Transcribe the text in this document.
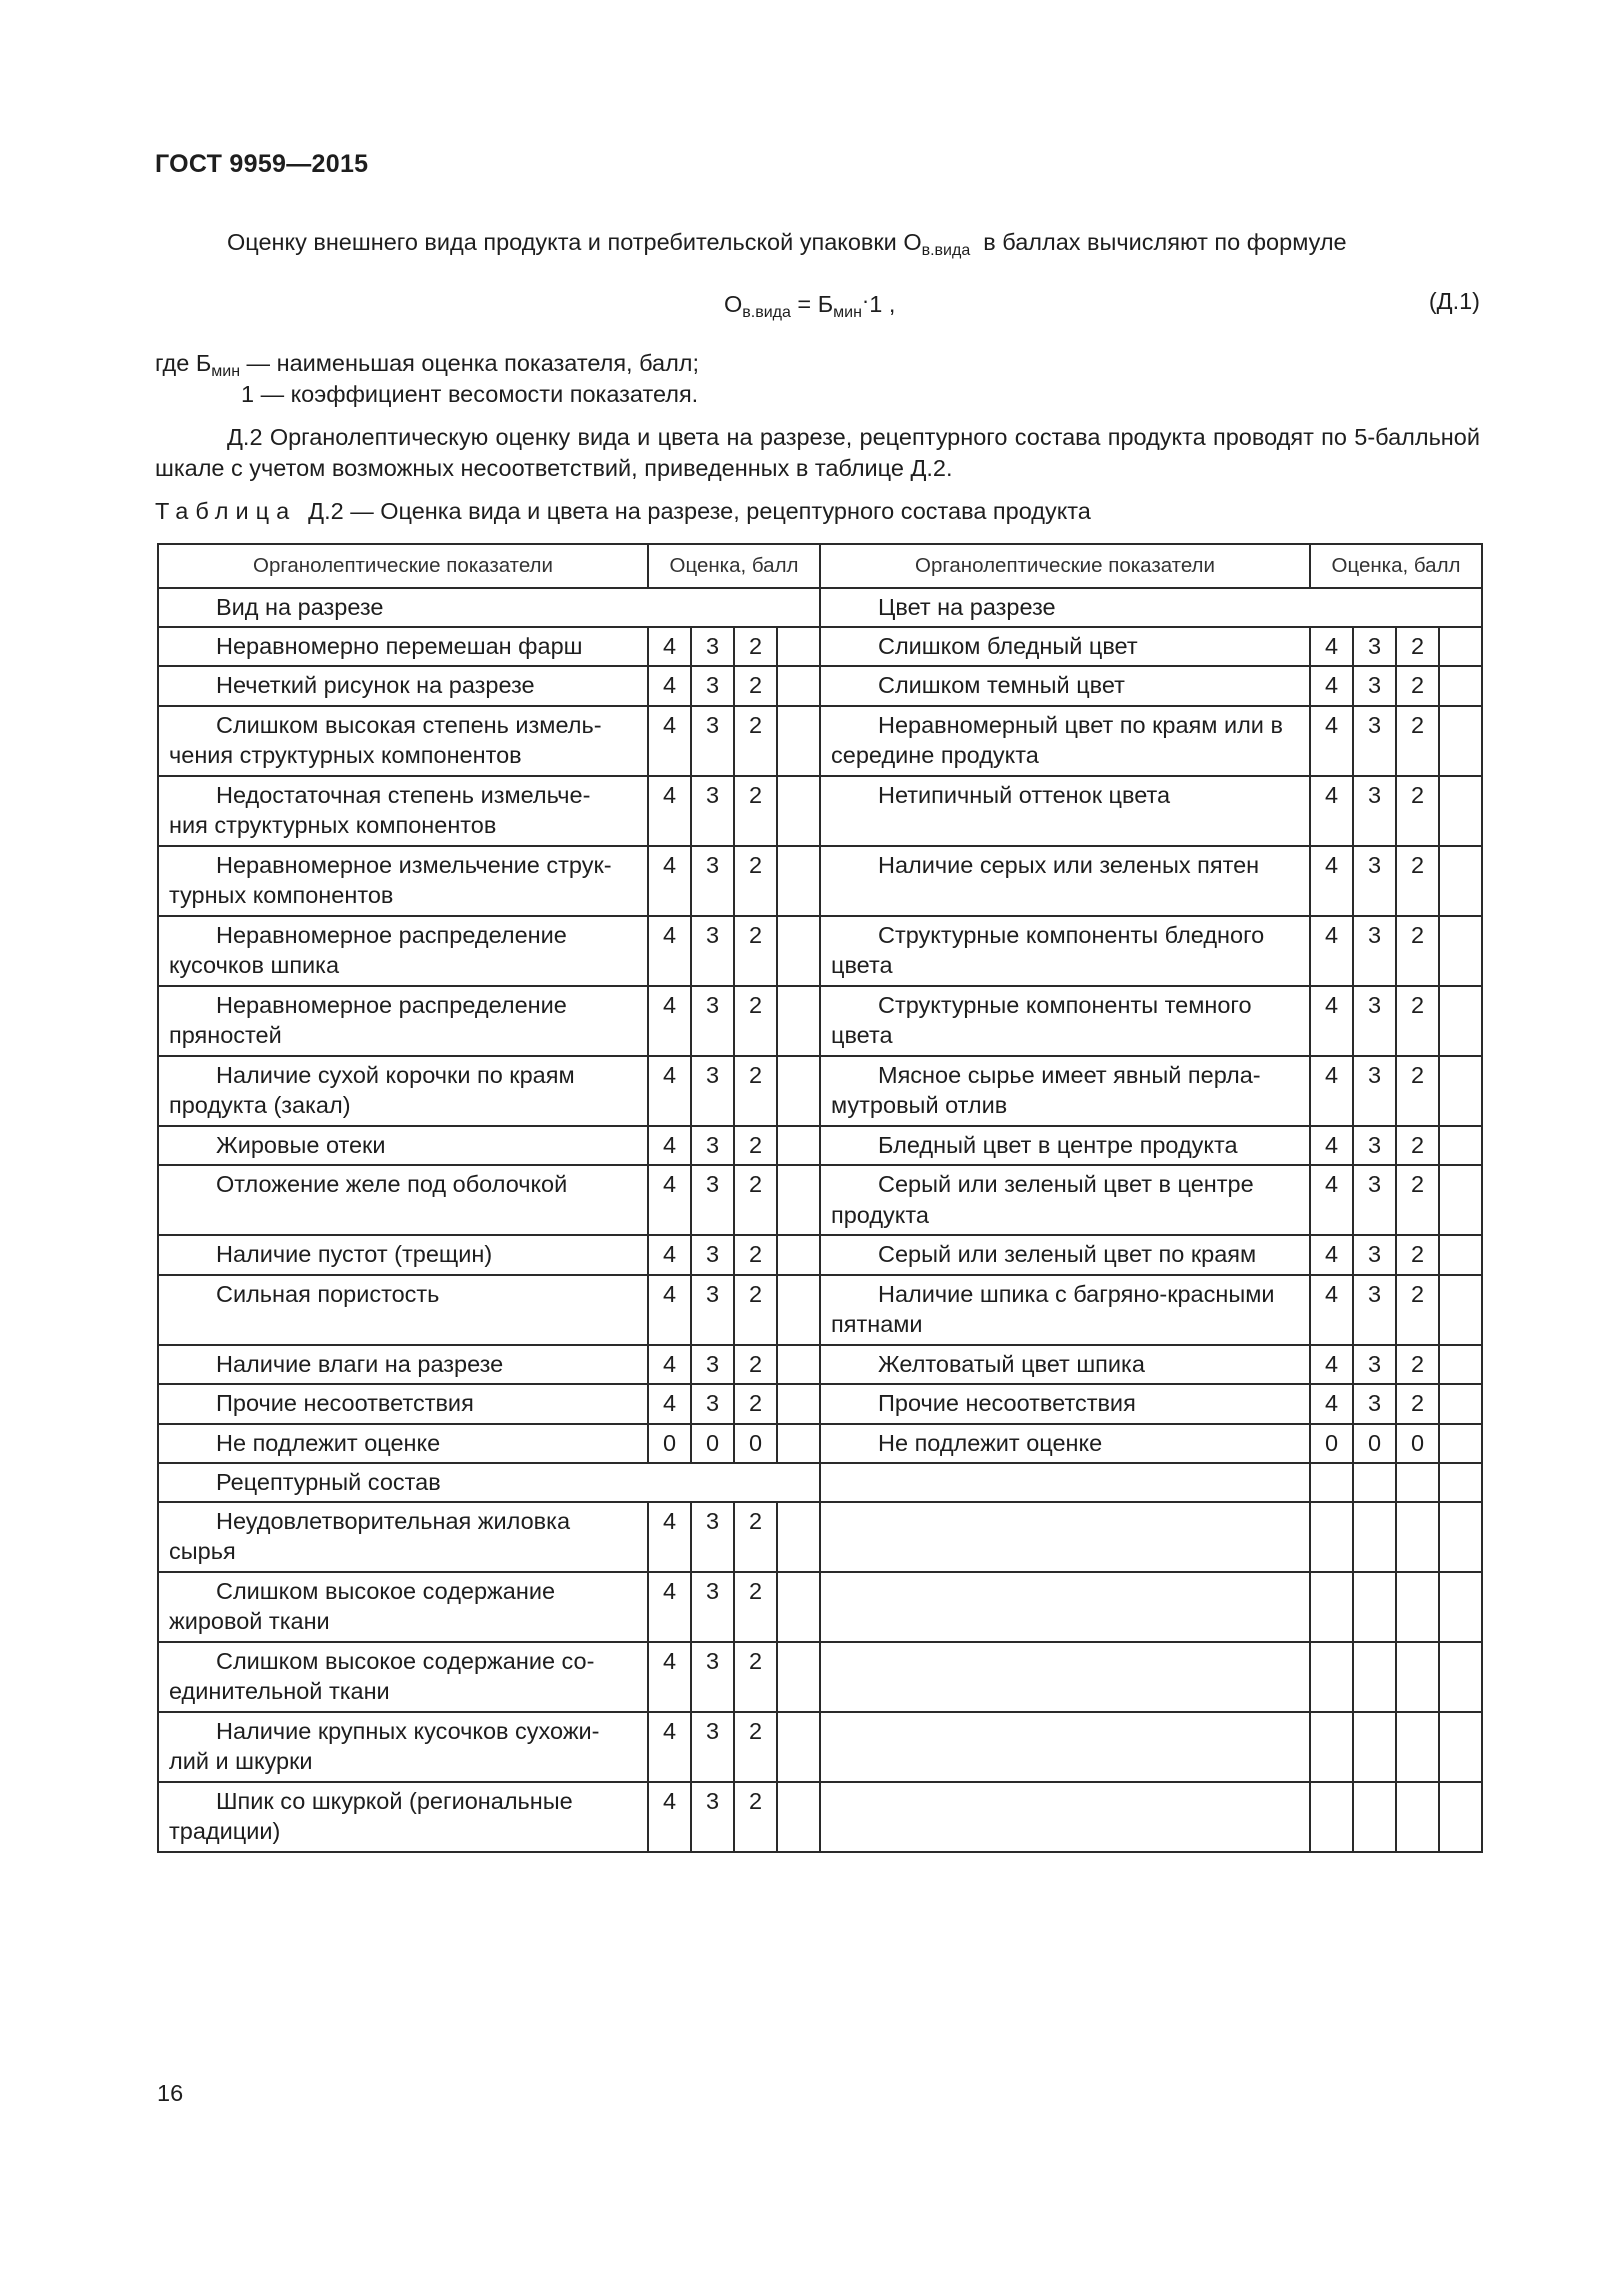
ГОСТ 9959—2015
Оценку внешнего вида продукта и потребительской упаковки $О_{в.вида}$ в баллах вычисляют по формуле
$О_{в.вида} = Б_{мин}\cdot 1$ ,	(Д.1)
где $Б_{мин}$ — наименьшая оценка показателя, балл;
1 — коэффициент весомости показателя.
Д.2 Органолептическую оценку вида и цвета на разрезе, рецептурного состава продукта проводят по 5-балльной шкале с учетом возможных несоответствий, приведенных в таблице Д.2.
Таблица Д.2 — Оценка вида и цвета на разрезе, рецептурного состава продукта
Органолептические показатели	Оценка, балл				Органолептические показатели	Оценка, балл			
Вид на разрезе					Цвет на разрезе				

Неравномерно перемешан фарш	4	3	2		Слишком бледный цвет	4	3	2	

Нечеткий рисунок на разрезе	4	3	2		Слишком темный цвет	4	3	2	

Слишком высокая степень измель-
чения структурных компонентов	4	3	2		Неравномерный цвет по краям или в
середине продукта	4	3	2	

Недостаточная степень измельче-
ния структурных компонентов	4	3	2		Нетипичный оттенок цвета	4	3	2	

Неравномерное измельчение струк-
турных компонентов	4	3	2		Наличие серых или зеленых пятен	4	3	2	

Неравномерное распределение
кусочков шпика	4	3	2		Структурные компоненты бледного
цвета	4	3	2	

Неравномерное распределение
пряностей	4	3	2		Структурные компоненты темного
цвета	4	3	2	

Наличие сухой корочки по краям
продукта (закал)	4	3	2		Мясное сырье имеет явный перла-
мутровый отлив	4	3	2	

Жировые отеки	4	3	2		Бледный цвет в центре продукта	4	3	2	

Отложение желе под оболочкой	4	3	2		Серый или зеленый цвет в центре
продукта	4	3	2	

Наличие пустот (трещин)	4	3	2		Серый или зеленый цвет по краям	4	3	2	

Сильная пористость	4	3	2		Наличие шпика с багряно-красными
пятнами	4	3	2	

Наличие влаги на разрезе	4	3	2		Желтоватый цвет шпика	4	3	2	

Прочие несоответствия	4	3	2		Прочие несоответствия	4	3	2	

Не подлежит оценке	0	0	0		Не подлежит оценке	0	0	0	
Рецептурный состав									

Неудовлетворительная жиловка
сырья	4	3	2						

Слишком высокое содержание
жировой ткани	4	3	2						

Слишком высокое содержание со-
единительной ткани	4	3	2						

Наличие крупных кусочков сухожи-
лий и шкурки	4	3	2						

Шпик со шкуркой (региональные
традиции)	4	3	2						
16
